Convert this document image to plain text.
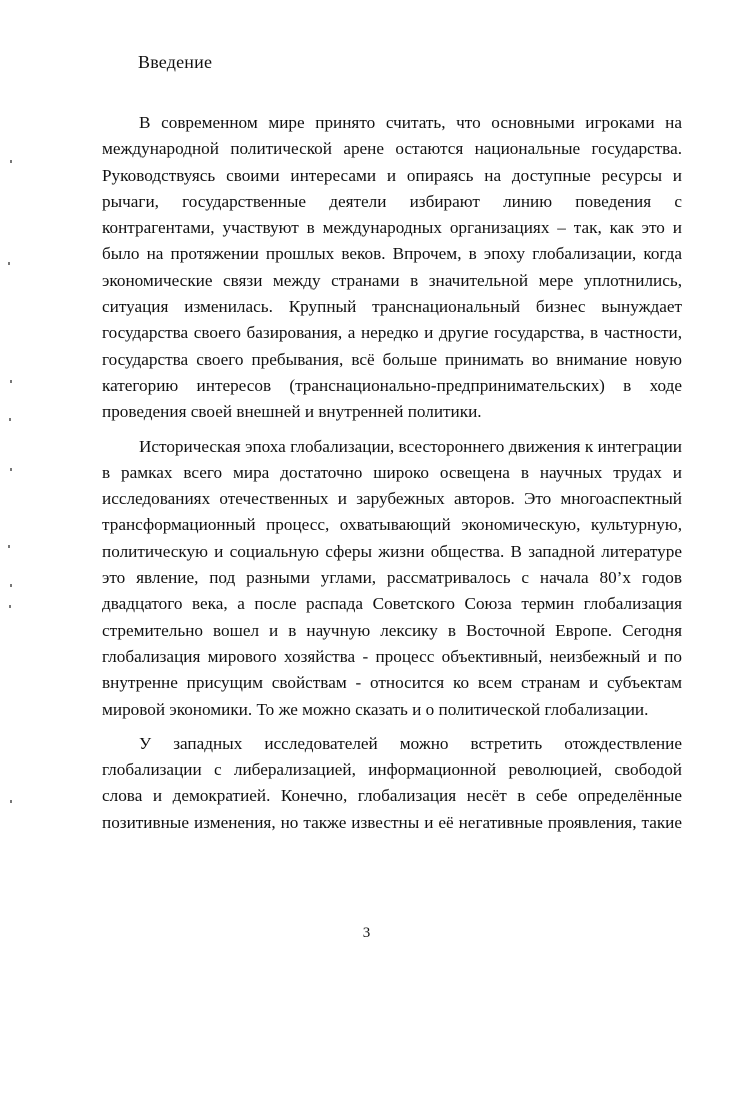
Введение
В современном мире принято считать, что основными игроками на
международной политической арене остаются национальные государства.
Руководствуясь своими интересами и опираясь на доступные ресурсы и
рычаги, государственные деятели избирают линию поведения с
контрагентами, участвуют в международных организациях – так, как это и
было на протяжении прошлых веков. Впрочем, в эпоху глобализации, когда
экономические связи между странами в значительной мере уплотнились,
ситуация изменилась. Крупный транснациональный бизнес вынуждает
государства своего базирования, а нередко и другие государства, в частности,
государства своего пребывания, всё больше принимать во внимание новую
категорию интересов (транснационально-предпринимательских) в ходе
проведения своей внешней и внутренней политики.
Историческая эпоха глобализации, всестороннего движения к интеграции
в рамках всего мира достаточно широко освещена в научных трудах и
исследованиях отечественных и зарубежных авторов. Это многоаспектный
трансформационный процесс, охватывающий экономическую, культурную,
политическую и социальную сферы жизни общества. В западной литературе
это явление, под разными углами, рассматривалось с начала 80’х годов
двадцатого века, а после распада Советского Союза термин глобализация
стремительно вошел и в научную лексику в Восточной Европе. Сегодня
глобализация мирового хозяйства - процесс объективный, неизбежный и по
внутренне присущим свойствам - относится ко всем странам и субъектам
мировой экономики. То же можно сказать и о политической глобализации.
У западных исследователей можно встретить отождествление
глобализации с либерализацией, информационной революцией, свободой
слова и демократией. Конечно, глобализация несёт в себе определённые
позитивные изменения, но также известны и её негативные проявления, такие
3
